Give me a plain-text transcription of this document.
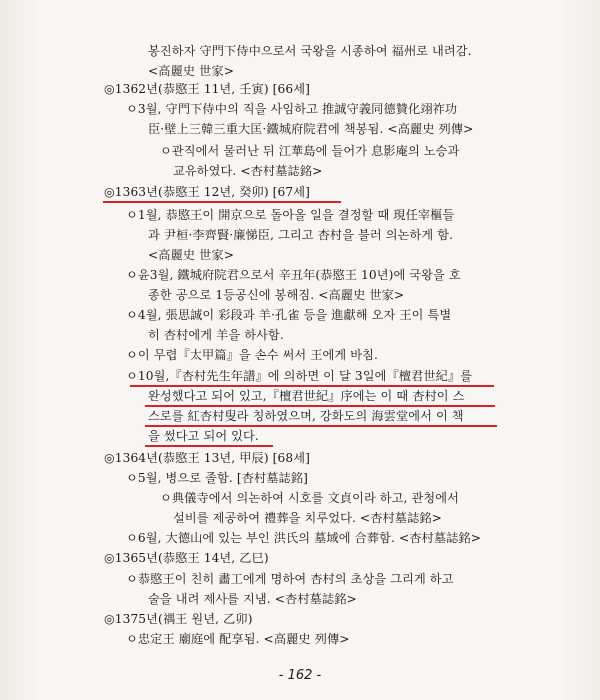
봉진하자 守門下侍中으로서 국왕을 시종하여 福州로 내려감.
<高麗史 世家>
◎1362년(恭愍王 11년, 壬寅) [66세]
ㅇ3월, 守門下侍中의 직을 사임하고 推誠守義同德贊化翊祚功
臣·壁上三韓三重大匡·鐵城府院君에 책봉됨. <高麗史 列傳>
ㅇ관직에서 물러난 뒤 江華島에 들어가 息影庵의 노승과
교유하였다. <杏村墓誌銘>
◎1363년(恭愍王 12년, 癸卯) [67세]
ㅇ1월, 恭愍王이 開京으로 돌아올 일을 결정할 때 現任宰樞들
과 尹桓·李齊賢·廉悌臣, 그리고 杏村을 불러 의논하게 함.
<高麗史 世家>
ㅇ윤3월, 鐵城府院君으로서 辛丑年(恭愍王 10년)에 국왕을 호
종한 공으로 1등공신에 봉해짐. <高麗史 世家>
ㅇ4월, 張思誠이 彩段과 羊·孔雀 등을 進獻해 오자 王이 특별
히 杏村에게 羊을 하사함.
ㅇ이 무렵『太甲篇』을 손수 써서 王에게 바침.
ㅇ10월,『杏村先生年譜』에 의하면 이 달 3일에『檀君世紀』를
완성했다고 되어 있고,『檀君世紀』序에는 이 때 杏村이 스
스로를 紅杏村叟라 칭하였으며, 강화도의 海雲堂에서 이 책
을 썼다고 되어 있다.
◎1364년(恭愍王 13년, 甲辰) [68세]
ㅇ5월, 병으로 졸함. [杏村墓誌銘]
ㅇ典儀寺에서 의논하여 시호를 文貞이라 하고, 관청에서
설비를 제공하여 禮葬을 치루었다. <杏村墓誌銘>
ㅇ6월, 大德山에 있는 부인 洪氏의 墓域에 合葬함. <杏村墓誌銘>
◎1365년(恭愍王 14년, 乙巳)
ㅇ恭愍王이 친히 畵工에게 명하여 杏村의 초상을 그리게 하고
술을 내려 제사를 지냄. <杏村墓誌銘>
◎1375년(禑王 원년, 乙卯)
ㅇ忠定王 廟庭에 配享됨. <高麗史 列傳>
- 162 -
